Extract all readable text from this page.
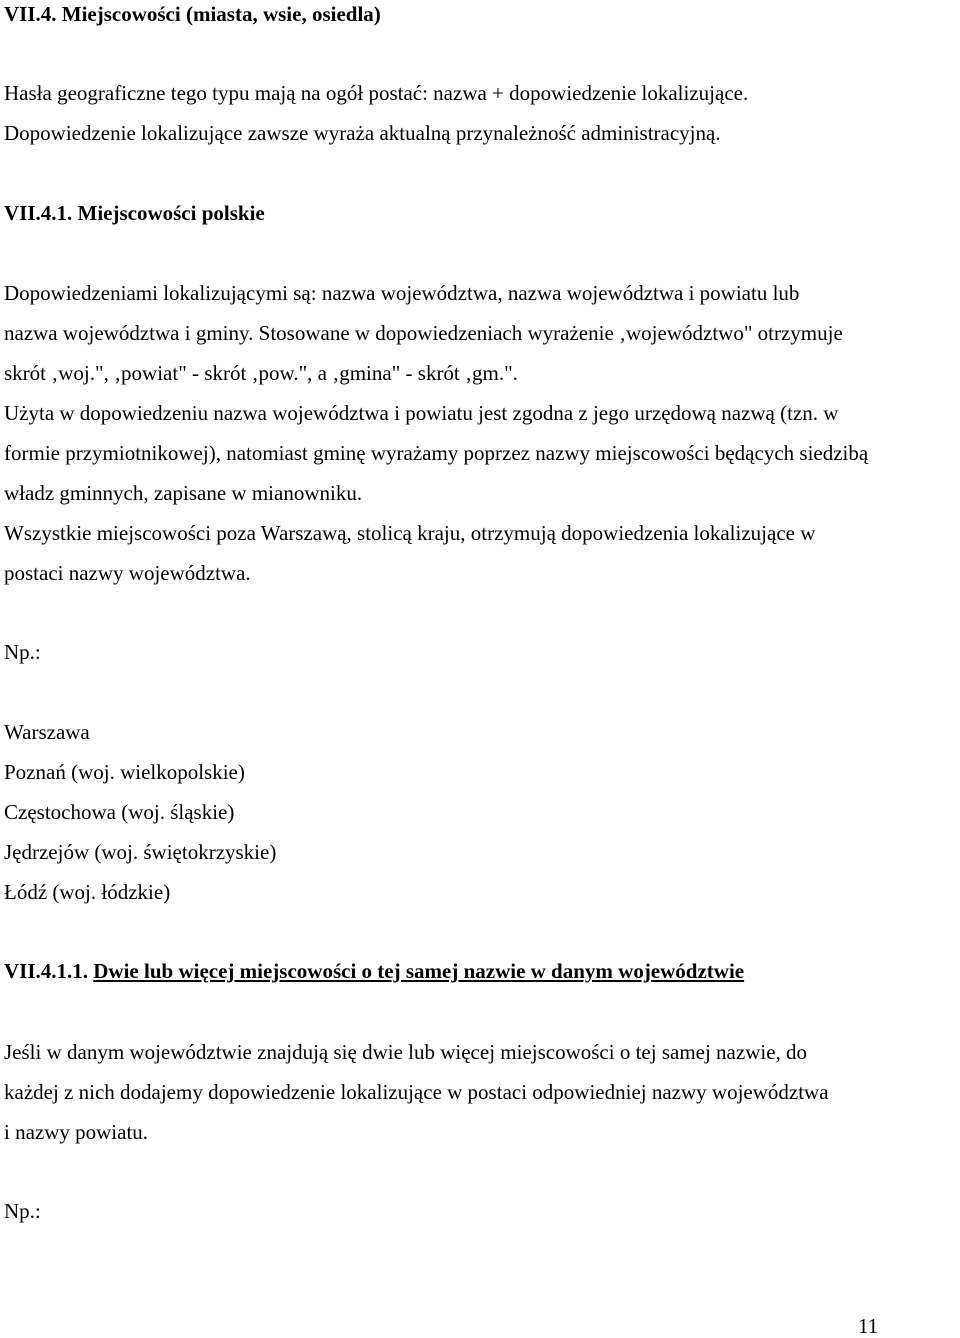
VII.4. Miejscowości (miasta, wsie, osiedla)
Hasła geograficzne tego typu mają na ogół postać: nazwa + dopowiedzenie lokalizujące.
Dopowiedzenie lokalizujące zawsze wyraża aktualną przynależność administracyjną.
VII.4.1. Miejscowości polskie
Dopowiedzeniami lokalizującymi są: nazwa województwa, nazwa województwa i powiatu lub
nazwa województwa i gminy. Stosowane w dopowiedzeniach wyrażenie ‚województwo" otrzymuje
skrót ‚woj.", ‚powiat" - skrót ‚pow.", a ‚gmina" - skrót ‚gm.".
Użyta w dopowiedzeniu nazwa województwa i powiatu jest zgodna z jego urzędową nazwą (tzn. w
formie przymiotnikowej), natomiast gminę wyrażamy poprzez nazwy miejscowości będących siedzibą
władz gminnych, zapisane w mianowniku.
Wszystkie miejscowości poza Warszawą, stolicą kraju, otrzymują dopowiedzenia lokalizujące w
postaci nazwy województwa.
Np.:
Warszawa
Poznań (woj. wielkopolskie)
Częstochowa (woj. śląskie)
Jędrzejów (woj. świętokrzyskie)
Łódź (woj. łódzkie)
VII.4.1.1. Dwie lub więcej miejscowości o tej samej nazwie w danym województwie
Jeśli w danym województwie znajdują się dwie lub więcej miejscowości o tej samej nazwie, do
każdej z nich dodajemy dopowiedzenie lokalizujące w postaci odpowiedniej nazwy województwa
i nazwy powiatu.
Np.:
11
